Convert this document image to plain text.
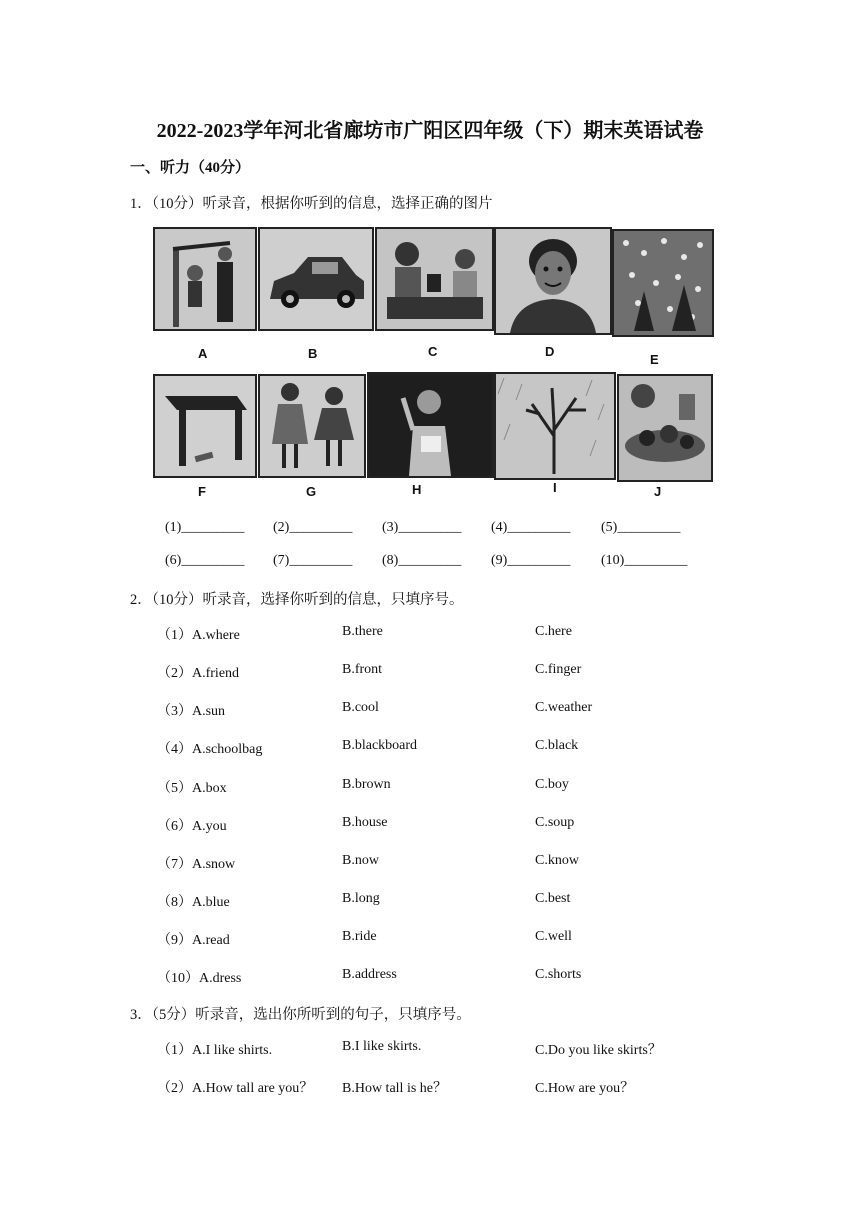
2022-2023学年河北省廊坊市广阳区四年级（下）期末英语试卷
一、听力（40分）
1．（10分）听录音，根据你听到的信息，选择正确的图片
A	B	C	D
E
F	G	H	I	J
(1)_________ (2)_________ (3)_________ (4)_________ (5)_________
(6)_________ (7)_________ (8)_________ (9)_________ (10)_________
2．（10分）听录音，选择你听到的信息，只填序号。
（1）A.where	B.there	C.here
（2）A.friend	B.front	C.finger
（3）A.sun	B.cool	C.weather
（4）A.schoolbag	B.blackboard	C.black
（5）A.box	B.brown	C.boy
（6）A.you	B.house	C.soup
（7）A.snow	B.now	C.know
（8）A.blue	B.long	C.best
（9）A.read	B.ride	C.well
（10）A.dress	B.address	C.shorts
3．（5分）听录音，选出你所听到的句子，只填序号。
（1）A.I like shirts.	B.I like skirts.	C.Do you like skirts？
（2）A.How tall are you？ B.How tall is he？	C.How are you？
